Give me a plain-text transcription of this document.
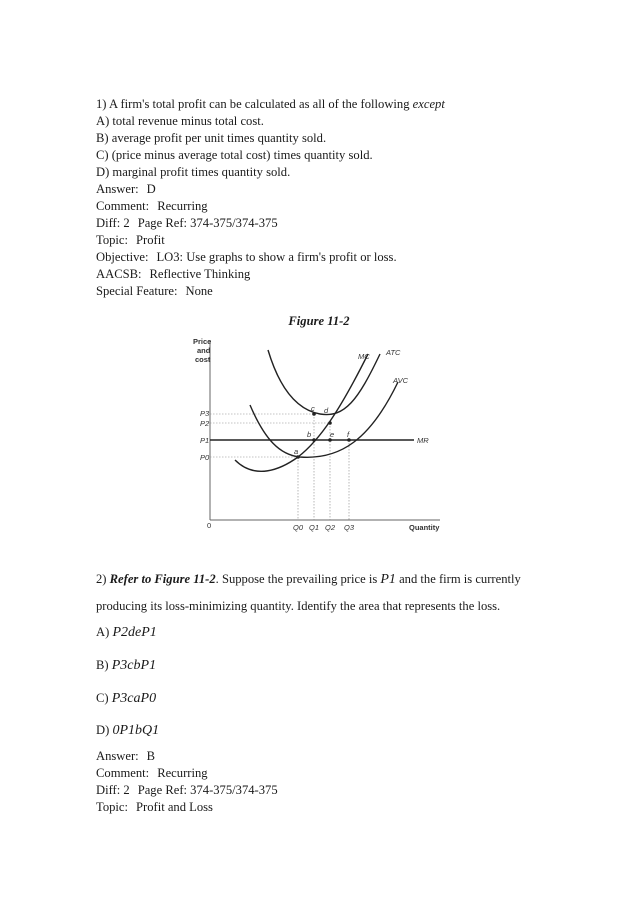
1) A firm's total profit can be calculated as all of the following except
A) total revenue minus total cost.
B) average profit per unit times quantity sold.
C) (price minus average total cost) times quantity sold.
D) marginal profit times quantity sold.
Answer: D
Comment: Recurring
Diff: 2 Page Ref: 374-375/374-375
Topic: Profit
Objective: LO3: Use graphs to show a firm's profit or loss.
AACSB: Reflective Thinking
Special Feature: None
Figure 11-2
Price
and
cost
Quantity
0
a
b
c d
e f
MC ATC
AVC
MR
P3
P2
P1
P0
Q0 Q1 Q2 Q3
2) Refer to Figure 11-2. Suppose the prevailing price is P1 and the firm is currently
producing its loss-minimizing quantity. Identify the area that represents the loss.
A) P2deP1
B) P3cbP1
C) P3caP0
D) 0P1bQ1
Answer: B
Comment: Recurring
Diff: 2 Page Ref: 374-375/374-375
Topic: Profit and Loss
